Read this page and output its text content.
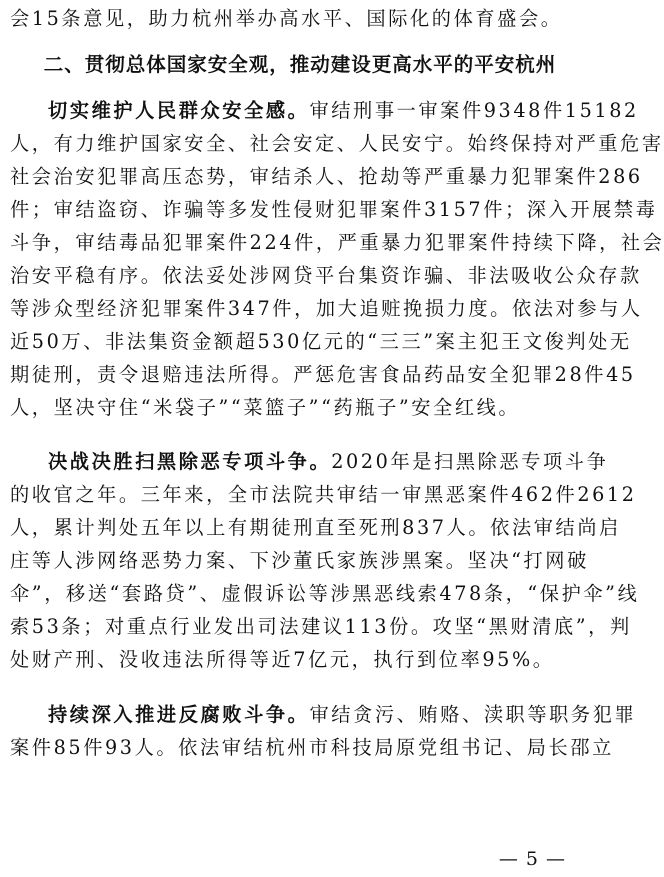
会15条意见，助力杭州举办高水平、国际化的体育盛会。
二、贯彻总体国家安全观，推动建设更高水平的平安杭州
切实维护人民群众安全感。审结刑事一审案件9348件15182
人，有力维护国家安全、社会安定、人民安宁。始终保持对严重危害
社会治安犯罪高压态势，审结杀人、抢劫等严重暴力犯罪案件286
件；审结盗窃、诈骗等多发性侵财犯罪案件3157件；深入开展禁毒
斗争，审结毒品犯罪案件224件，严重暴力犯罪案件持续下降，社会
治安平稳有序。依法妥处涉网贷平台集资诈骗、非法吸收公众存款
等涉众型经济犯罪案件347件，加大追赃挽损力度。依法对参与人
近50万、非法集资金额超530亿元的“三三”案主犯王文俊判处无
期徒刑，责令退赔违法所得。严惩危害食品药品安全犯罪28件45
人，坚决守住“米袋子”“菜篮子”“药瓶子”安全红线。
决战决胜扫黑除恶专项斗争。2020年是扫黑除恶专项斗争
的收官之年。三年来，全市法院共审结一审黑恶案件462件2612
人，累计判处五年以上有期徒刑直至死刑837人。依法审结尚启
庄等人涉网络恶势力案、下沙董氏家族涉黑案。坚决“打网破
伞”，移送“套路贷”、虚假诉讼等涉黑恶线索478条，“保护伞”线
索53条；对重点行业发出司法建议113份。攻坚“黑财清底”，判
处财产刑、没收违法所得等近7亿元，执行到位率95%。
持续深入推进反腐败斗争。审结贪污、贿赂、渎职等职务犯罪
案件85件93人。依法审结杭州市科技局原党组书记、局长邵立
— 5 —
